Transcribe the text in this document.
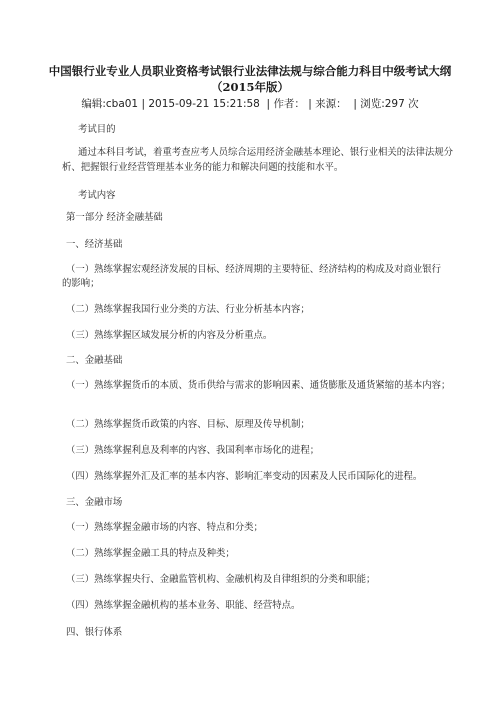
中国银行业专业人员职业资格考试银行业法律法规与综合能力科目中级考试大纲
（2015年版）
编辑:cba01 | 2015-09-21 15:21:58  | 作者： | 来源：  | 浏览:297 次
考试目的
通过本科目考试，着重考查应考人员综合运用经济金融基本理论、银行业相关的法律法规分
析、把握银行业经营管理基本业务的能力和解决问题的技能和水平。
考试内容
第一部分 经济金融基础
一、经济基础
（一）熟练掌握宏观经济发展的目标、经济周期的主要特征、经济结构的构成及对商业银行
的影响；
（二）熟练掌握我国行业分类的方法、行业分析基本内容；
（三）熟练掌握区域发展分析的内容及分析重点。
二、金融基础
（一）熟练掌握货币的本质、货币供给与需求的影响因素、通货膨胀及通货紧缩的基本内容；
（二）熟练掌握货币政策的内容、目标、原理及传导机制；
（三）熟练掌握利息及利率的内容、我国利率市场化的进程；
（四）熟练掌握外汇及汇率的基本内容、影响汇率变动的因素及人民币国际化的进程。
三、金融市场
（一）熟练掌握金融市场的内容、特点和分类；
（二）熟练掌握金融工具的特点及种类；
（三）熟练掌握央行、金融监管机构、金融机构及自律组织的分类和职能；
（四）熟练掌握金融机构的基本业务、职能、经营特点。
四、银行体系
